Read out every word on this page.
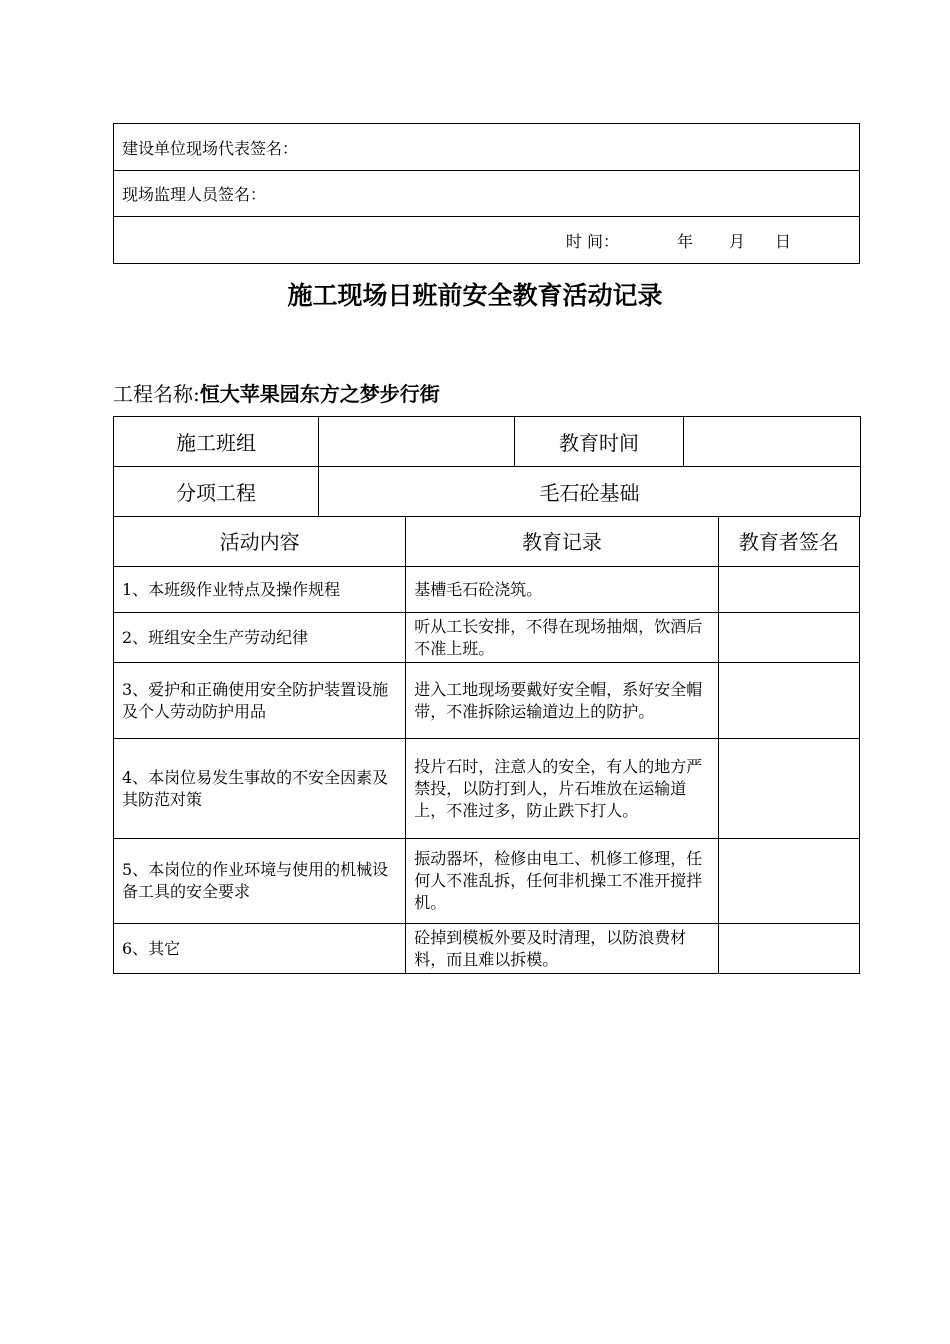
建设单位现场代表签名：
现场监理人员签名：

时 间：	年 月 日
施工现场日班前安全教育活动记录
工程名称:恒大苹果园东方之梦步行街
施工班组		教育时间	
分项工程	毛石砼基础		
活动内容	教育记录	教育者签名
1、本班级作业特点及操作规程	基槽毛石砼浇筑。	
2、班组安全生产劳动纪律	听从工长安排，不得在现场抽烟，饮酒后不准上班。	
3、爱护和正确使用安全防护装置设施及个人劳动防护用品	进入工地现场要戴好安全帽，系好安全帽带，不准拆除运输道边上的防护。	
4、本岗位易发生事故的不安全因素及其防范对策	投片石时，注意人的安全，有人的地方严禁投，以防打到人，片石堆放在运输道上，不准过多，防止跌下打人。	
5、本岗位的作业环境与使用的机械设备工具的安全要求	振动器坏，检修由电工、机修工修理，任何人不准乱拆，任何非机操工不准开搅拌机。	
6、其它	砼掉到模板外要及时清理，以防浪费材料，而且难以拆模。	
